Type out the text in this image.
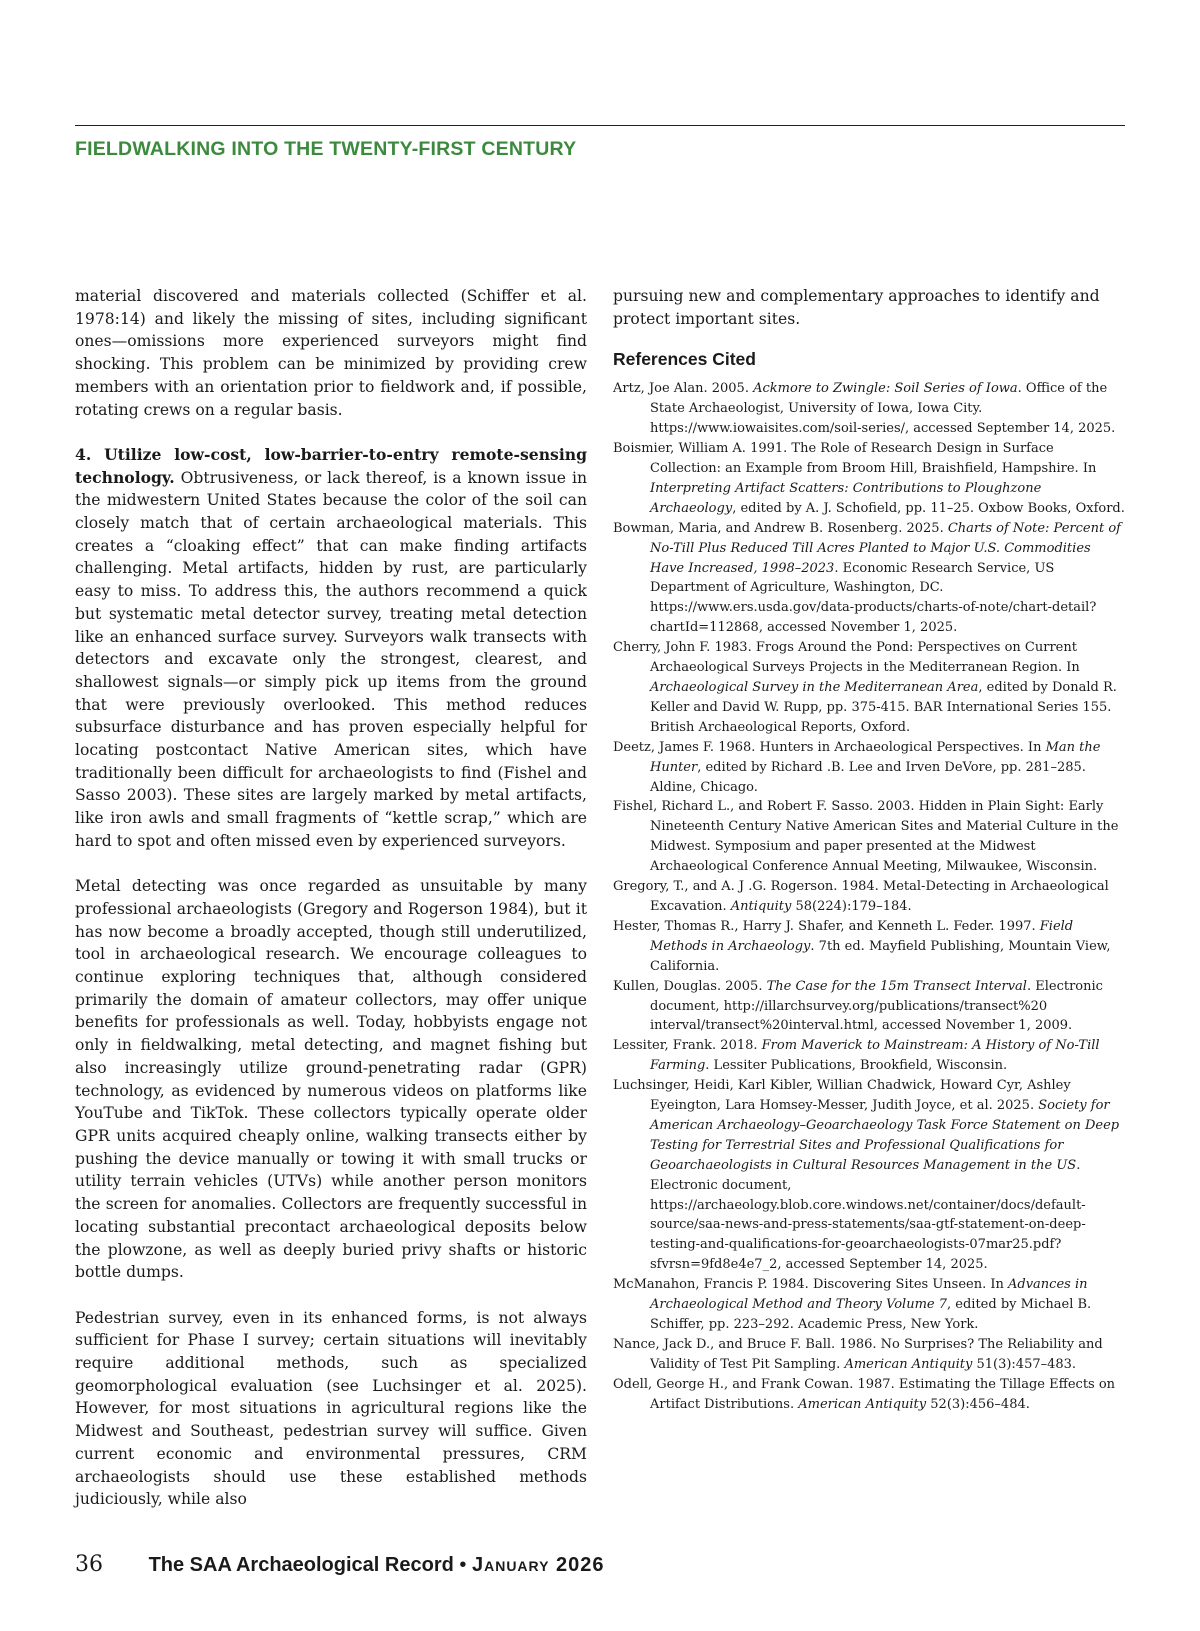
FIELDWALKING INTO THE TWENTY-FIRST CENTURY

material discovered and materials collected (Schiffer et al. 1978:14) and likely the missing of sites, including significant ones—omissions more experienced surveyors might find shocking. This problem can be minimized by providing crew members with an orientation prior to fieldwork and, if possible, rotating crews on a regular basis.

4. Utilize low-cost, low-barrier-to-entry remote-sensing technology. Obtrusiveness, or lack thereof, is a known issue in the midwestern United States because the color of the soil can closely match that of certain archaeological materials. This creates a “cloaking effect” that can make finding artifacts challenging. Metal artifacts, hidden by rust, are particularly easy to miss. To address this, the authors recommend a quick but systematic metal detector survey, treating metal detection like an enhanced surface survey. Surveyors walk transects with detectors and excavate only the strongest, clearest, and shallowest signals—or simply pick up items from the ground that were previously overlooked. This method reduces subsurface disturbance and has proven especially helpful for locating postcontact Native American sites, which have traditionally been difficult for archaeologists to find (Fishel and Sasso 2003). These sites are largely marked by metal artifacts, like iron awls and small fragments of “kettle scrap,” which are hard to spot and often missed even by experienced surveyors.

Metal detecting was once regarded as unsuitable by many professional archaeologists (Gregory and Rogerson 1984), but it has now become a broadly accepted, though still underutilized, tool in archaeological research. We encourage colleagues to continue exploring techniques that, although considered primarily the domain of amateur collectors, may offer unique benefits for professionals as well. Today, hobbyists engage not only in fieldwalking, metal detecting, and magnet fishing but also increasingly utilize ground-penetrating radar (GPR) technology, as evidenced by numerous videos on platforms like YouTube and TikTok. These collectors typically operate older GPR units acquired cheaply online, walking transects either by pushing the device manually or towing it with small trucks or utility terrain vehicles (UTVs) while another person monitors the screen for anomalies. Collectors are frequently successful in locating substantial precontact archaeological deposits below the plowzone, as well as deeply buried privy shafts or historic bottle dumps.

Pedestrian survey, even in its enhanced forms, is not always sufficient for Phase I survey; certain situations will inevitably require additional methods, such as specialized geomorphological evaluation (see Luchsinger et al. 2025). However, for most situations in agricultural regions like the Midwest and Southeast, pedestrian survey will suffice. Given current economic and environmental pressures, CRM archaeologists should use these established methods judiciously, while also

pursuing new and complementary approaches to identify and protect important sites.

References Cited
Artz, Joe Alan. 2005. Ackmore to Zwingle: Soil Series of Iowa. Office of the State Archaeologist, University of Iowa, Iowa City. https://www.iowaisites.com/soil-series/, accessed September 14, 2025.
Boismier, William A. 1991. The Role of Research Design in Surface Collection: an Example from Broom Hill, Braishfield, Hampshire. In Interpreting Artifact Scatters: Contributions to Ploughzone Archaeology, edited by A. J. Schofield, pp. 11–25. Oxbow Books, Oxford.
Bowman, Maria, and Andrew B. Rosenberg. 2025. Charts of Note: Percent of No-Till Plus Reduced Till Acres Planted to Major U.S. Commodities Have Increased, 1998–2023. Economic Research Service, US Department of Agriculture, Washington, DC. https://www.ers.usda.gov/data-products/charts-of-note/chart-detail?chartId=112868, accessed November 1, 2025.
Cherry, John F. 1983. Frogs Around the Pond: Perspectives on Current Archaeological Surveys Projects in the Mediterranean Region. In Archaeological Survey in the Mediterranean Area, edited by Donald R. Keller and David W. Rupp, pp. 375-415. BAR International Series 155. British Archaeological Reports, Oxford.
Deetz, James F. 1968. Hunters in Archaeological Perspectives. In Man the Hunter, edited by Richard .B. Lee and Irven DeVore, pp. 281–285. Aldine, Chicago.
Fishel, Richard L., and Robert F. Sasso. 2003. Hidden in Plain Sight: Early Nineteenth Century Native American Sites and Material Culture in the Midwest. Symposium and paper presented at the Midwest Archaeological Conference Annual Meeting, Milwaukee, Wisconsin.
Gregory, T., and A. J .G. Rogerson. 1984. Metal-Detecting in Archaeological Excavation. Antiquity 58(224):179–184.
Hester, Thomas R., Harry J. Shafer, and Kenneth L. Feder. 1997. Field Methods in Archaeology. 7th ed. Mayfield Publishing, Mountain View, California.
Kullen, Douglas. 2005. The Case for the 15m Transect Interval. Electronic document, http://illarchsurvey.org/publications/transect%20 interval/transect%20interval.html, accessed November 1, 2009.
Lessiter, Frank. 2018. From Maverick to Mainstream: A History of No-Till Farming. Lessiter Publications, Brookfield, Wisconsin.
Luchsinger, Heidi, Karl Kibler, Willian Chadwick, Howard Cyr, Ashley Eyeington, Lara Homsey-Messer, Judith Joyce, et al. 2025. Society for American Archaeology–Geoarchaeology Task Force Statement on Deep Testing for Terrestrial Sites and Professional Qualifications for Geoarchaeologists in Cultural Resources Management in the US. Electronic document, https://archaeology.blob.core.windows.net/container/docs/default-source/saa-news-and-press-statements/saa-gtf-statement-on-deep-testing-and-qualifications-for-geoarchaeologists-07mar25.pdf?sfvrsn=9fd8e4e7_2, accessed September 14, 2025.
McManahon, Francis P. 1984. Discovering Sites Unseen. In Advances in Archaeological Method and Theory Volume 7, edited by Michael B. Schiffer, pp. 223–292. Academic Press, New York.
Nance, Jack D., and Bruce F. Ball. 1986. No Surprises? The Reliability and Validity of Test Pit Sampling. American Antiquity 51(3):457–483.
Odell, George H., and Frank Cowan. 1987. Estimating the Tillage Effects on Artifact Distributions. American Antiquity 52(3):456–484.
36 The SAA Archaeological Record • January 2026
